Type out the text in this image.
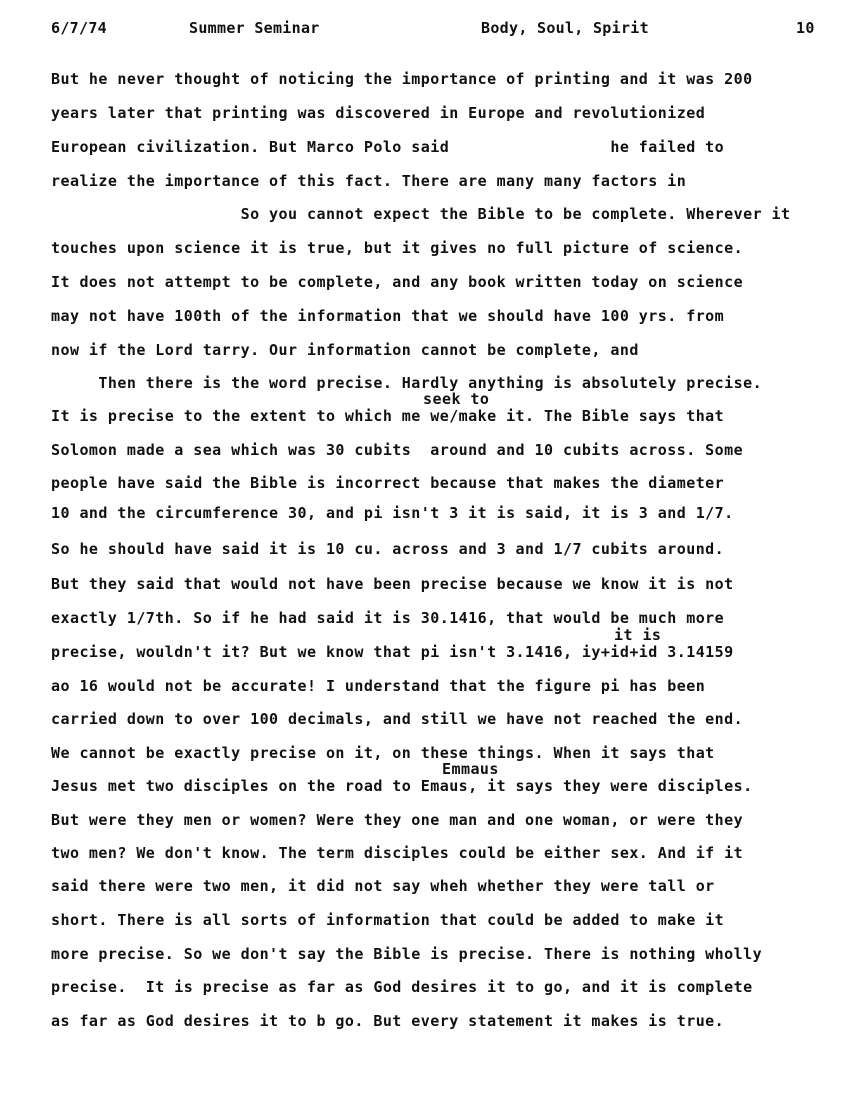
6/7/74	Summer Seminar	Body, Soul, Spirit	10
But he never thought of noticing the importance of printing and it was 200
years later that printing was discovered in Europe and revolutionized
European civilization. But Marco Polo said                 he failed to
realize the importance of this fact. There are many many factors in
So you cannot expect the Bible to be complete. Wherever it
touches upon science it is true, but it gives no full picture of science.
It does not attempt to be complete, and any book written today on science
may not have 100th of the information that we should have 100 yrs. from
now if the Lord tarry. Our information cannot be complete, and
Then there is the word precise. Hardly anything is absolutely precise.
seek to
It is precise to the extent to which me we/make it. The Bible says that
Solomon made a sea which was 30 cubits  around and 10 cubits across. Some
people have said the Bible is incorrect because that makes the diameter
10 and the circumference 30, and pi isn't 3 it is said, it is 3 and 1/7.
So he should have said it is 10 cu. across and 3 and 1/7 cubits around.
But they said that would not have been precise because we know it is not
exactly 1/7th. So if he had said it is 30.1416, that would be much more
it is
precise, wouldn't it? But we know that pi isn't 3.1416, iy+id+id 3.14159
ao 16 would not be accurate! I understand that the figure pi has been
carried down to over 100 decimals, and still we have not reached the end.
We cannot be exactly precise on it, on these things. When it says that
Emmaus
Jesus met two disciples on the road to Emaus, it says they were disciples.
But were they men or women? Were they one man and one woman, or were they
two men? We don't know. The term disciples could be either sex. And if it
said there were two men, it did not say wheh whether they were tall or
short. There is all sorts of information that could be added to make it
more precise. So we don't say the Bible is precise. There is nothing wholly
precise.  It is precise as far as God desires it to go, and it is complete
as far as God desires it to b go. But every statement it makes is true.
